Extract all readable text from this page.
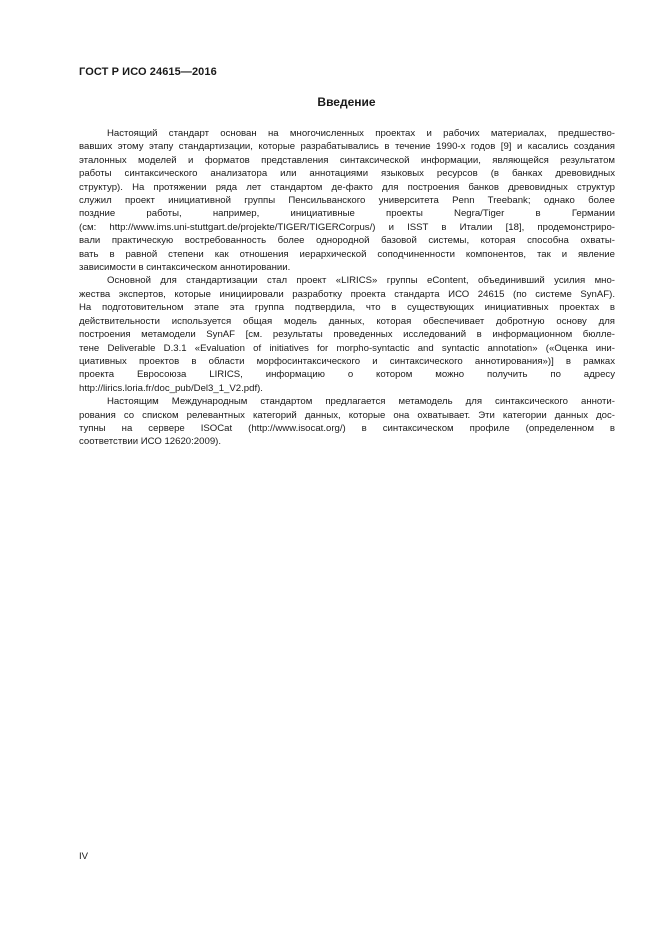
ГОСТ Р ИСО 24615—2016
Введение

Настоящий стандарт основан на многочисленных проектах и рабочих материалах, предшество-

вавших этому этапу стандартизации, которые разрабатывались в течение 1990-х годов [9] и касались создания

эталонных моделей и форматов представления синтаксической информации, являющейся результатом

работы синтаксического анализатора или аннотациями языковых ресурсов (в банках древовидных

структур). На протяжении ряда лет стандартом де-факто для построения банков древовидных структур

служил проект инициативной группы Пенсильванского университета Penn Treebank; однако более

поздние работы, например, инициативные проекты Negra/Tiger в Германии

(см: http://www.ims.uni-stuttgart.de/projekte/TIGER/TIGERCorpus/) и ISST в Италии [18], продемонстриро-

вали практическую востребованность более однородной базовой системы, которая способна охваты-

вать в равной степени как отношения иерархической соподчиненности компонентов, так и явление

зависимости в синтаксическом аннотировании.

Основной для стандартизации стал проект «LIRICS» группы eContent, объединивший усилия мно-

жества экспертов, которые инициировали разработку проекта стандарта ИСО 24615 (по системе SynAF).

На подготовительном этапе эта группа подтвердила, что в существующих инициативных проектах в

действительности используется общая модель данных, которая обеспечивает добротную основу для

построения метамодели SynAF [см. результаты проведенных исследований в информационном бюлле-

тене Deliverable D.3.1 «Evaluation of initiatives for morpho-syntactic and syntactic annotation» («Оценка ини-

циативных проектов в области морфосинтаксического и синтаксического аннотирования»)] в рамках

проекта Евросоюза LIRICS, информацию о котором можно получить по адресу

http://lirics.loria.fr/doc_pub/Del3_1_V2.pdf).

Настоящим Международным стандартом предлагается метамодель для синтаксического анноти-

рования со списком релевантных категорий данных, которые она охватывает. Эти категории данных дос-

тупны на сервере ISOCat (http://www.isocat.org/) в синтаксическом профиле (определенном в

соответствии ИСО 12620:2009).

IV
